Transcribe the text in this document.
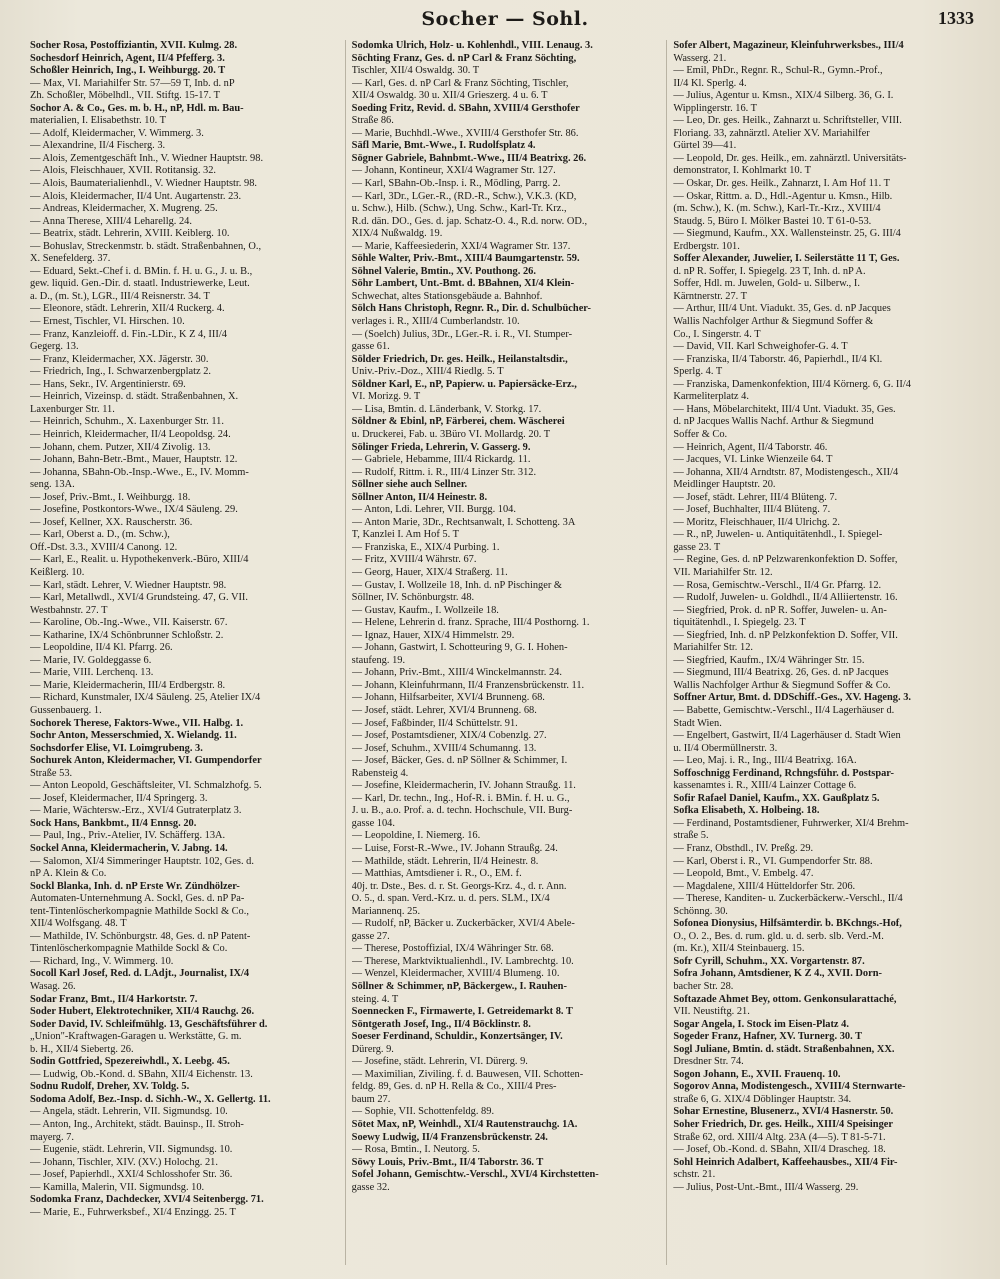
Socher — Sohl.	1333
Socher Rosa, Postoffiziantin, XVII. Kulmg. 28.
Sochesdorf Heinrich, Agent, II/4 Pfefferg. 3.
Schoßler Heinrich, Ing., I. Weihburgg. 20. T
— Max, VI. Mariahilfer Str. 57—59 T, Inb. d. nP
Zh. Schoßler, Möbelhdl., VII. Stiftg. 15-17. T
Sochor A. & Co., Ges. m. b. H., nP, Hdl. m. Bau-
materialien, I. Elisabethstr. 10. T
— Adolf, Kleidermacher, V. Wimmerg. 3.
— Alexandrine, II/4 Fischerg. 3.
— Alois, Zementgeschäft Inh., V. Wiedner Hauptstr. 98.
— Alois, Fleischhauer, XVII. Rotitansig. 32.
— Alois, Baumaterialienhdl., V. Wiedner Hauptstr. 98.
— Alois, Kleidermacher, II/4 Unt. Augartenstr. 23.
— Andreas, Kleidermacher, X. Mugreng. 25.
— Anna Therese, XIII/4 Leharellg. 24.
— Beatrix, städt. Lehrerin, XVIII. Keiblerg. 10.
— Bohuslav, Streckenmstr. b. städt. Straßenbahnen, O.,
X. Senefelderg. 37.
— Eduard, Sekt.-Chef i. d. BMin. f. H. u. G., J. u. B.,
gew. liquid. Gen.-Dir. d. staatl. Industriewerke, Leut.
a. D., (m. St.), LGR., III/4 Reisnerstr. 34. T
— Eleonore, städt. Lehrerin, XII/4 Ruckerg. 4.
— Ernest, Tischler, VI. Hirschen. 10.
— Franz, Kanzleioff. d. Fin.-LDir., K Z 4, III/4
Gegerg. 13.
— Franz, Kleidermacher, XX. Jägerstr. 30.
— Friedrich, Ing., I. Schwarzenbergplatz 2.
— Hans, Sekr., IV. Argentinierstr. 69.
— Heinrich, Vizeinsp. d. städt. Straßenbahnen, X.
Laxenburger Str. 11.
— Heinrich, Schuhm., X. Laxenburger Str. 11.
— Heinrich, Kleidermacher, II/4 Leopoldsg. 24.
— Johann, chem. Putzer, XII/4 Zivolig. 13.
— Johann, Bahn-Betr.-Bmt., Mauer, Hauptstr. 12.
— Johanna, SBahn-Ob.-Insp.-Wwe., E., IV. Momm-
seng. 13A.
— Josef, Priv.-Bmt., I. Weihburgg. 18.
— Josefine, Postkontors-Wwe., IX/4 Säuleng. 29.
— Josef, Kellner, XX. Rauscherstr. 36.
— Karl, Oberst a. D., (m. Schw.),
Off.-Dst. 3.3., XVIII/4 Canong. 12.
— Karl, E., Realit. u. Hypothekenverk.-Büro, XIII/4
Keißlerg. 10.
— Karl, städt. Lehrer, V. Wiedner Hauptstr. 98.
— Karl, Metallwdl., XVI/4 Grundsteing. 47, G. VII.
Westbahnstr. 27. T
— Karoline, Ob.-Ing.-Wwe., VII. Kaiserstr. 67.
— Katharine, IX/4 Schönbrunner Schloßstr. 2.
— Leopoldine, II/4 Kl. Pfarrg. 26.
— Marie, IV. Goldeggasse 6.
— Marie, VIII. Lerchenq. 13.
— Marie, Kleidermacherin, III/4 Erdbergstr. 8.
— Richard, Kunstmaler, IX/4 Säuleng. 25, Atelier IX/4
Gussenbauerg. 1.
Sochorek Therese, Faktors-Wwe., VII. Halbg. 1.
Sochr Anton, Messerschmied, X. Wielandg. 11.
Sochsdorfer Elise, VI. Loimgrubeng. 3.
Sochurek Anton, Kleidermacher, VI. Gumpendorfer
Straße 53.
— Anton Leopold, Geschäftsleiter, VI. Schmalzhofg. 5.
— Josef, Kleidermacher, II/4 Springerg. 3.
— Marie, Wächtersw.-Erz., XVI/4 Gutraterplatz 3.
Sock Hans, Bankbmt., II/4 Ennsg. 20.
— Paul, Ing., Priv.-Atelier, IV. Schäfferg. 13A.
Sockel Anna, Kleidermacherin, V. Jabng. 14.
— Salomon, XI/4 Simmeringer Hauptstr. 102, Ges. d.
nP A. Klein & Co.
Sockl Blanka, Inh. d. nP Erste Wr. Zündhölzer-
Automaten-Unternehmung A. Sockl, Ges. d. nP Pa-
tent-Tintenlöscherkompagnie Mathilde Sockl & Co.,
XII/4 Wolfsgang. 48. T
— Mathilde, IV. Schönburgstr. 48, Ges. d. nP Patent-
Tintenlöscherkompagnie Mathilde Sockl & Co.
— Richard, Ing., V. Wimmerg. 10.
Socoll Karl Josef, Red. d. LAdjt., Journalist, IX/4
Wasag. 26.
Sodar Franz, Bmt., II/4 Harkortstr. 7.
Soder Hubert, Elektrotechniker, XII/4 Rauchg. 26.
Soder David, IV. Schleifmühlg. 13, Geschäftsführer d.
„Union"-Kraftwagen-Garagen u. Werkstätte, G. m.
b. H., XII/4 Siebertg. 26.
Sodin Gottfried, Spezereiwhdl., X. Leebg. 45.
— Ludwig, Ob.-Kond. d. SBahn, XII/4 Eichenstr. 13.
Sodnu Rudolf, Dreher, XV. Toldg. 5.
Sodoma Adolf, Bez.-Insp. d. Sichh.-W., X. Gellertg. 11.
— Angela, städt. Lehrerin, VII. Sigmundsg. 10.
— Anton, Ing., Architekt, städt. Bauinsp., II. Stroh-
mayerg. 7.
— Eugenie, städt. Lehrerin, VII. Sigmundsg. 10.
— Johann, Tischler, XIV. (XV.) Holochg. 21.
— Josef, Papierhdl., XXI/4 Schlosshofer Str. 36.
— Kamilla, Malerin, VII. Sigmundsg. 10.
Sodomka Franz, Dachdecker, XVI/4 Seitenbergg. 71.
— Marie, E., Fuhrwerksbef., XI/4 Enzingg. 25. T
Sodomka Ulrich, Holz- u. Kohlenhdl., VIII. Lenaug. 3.
Söchting Franz, Ges. d. nP Carl & Franz Söchting,
Tischler, XII/4 Oswaldg. 30. T
— Karl, Ges. d. nP Carl & Franz Söchting, Tischler,
XII/4 Oswaldg. 30 u. XII/4 Grieszerg. 4 u. 6. T
Soeding Fritz, Revid. d. SBahn, XVIII/4 Gersthofer
Straße 86.
— Marie, Buchhdl.-Wwe., XVIII/4 Gersthofer Str. 86.
Säfl Marie, Bmt.-Wwe., I. Rudolfsplatz 4.
Sögner Gabriele, Bahnbmt.-Wwe., III/4 Beatrixg. 26.
— Johann, Kontineur, XXI/4 Wagramer Str. 127.
— Karl, SBahn-Ob.-Insp. i. R., Mödling, Parrg. 2.
— Karl, 3Dr., LGer.-R., (RD.-R., Schw.), V.K.3. (KD,
u. Schw.), Hilb. (Schw.), Ung. Schw., Karl-Tr. Krz.,
R.d. dän. DO., Ges. d. jap. Schatz-O. 4., R.d. norw. OD.,
XIX/4 Nußwaldg. 19.
— Marie, Kaffeesiederin, XXI/4 Wagramer Str. 137.
Söhle Walter, Priv.-Bmt., XIII/4 Baumgartenstr. 59.
Söhnel Valerie, Bmtin., XV. Pouthong. 26.
Söhr Lambert, Unt.-Bmt. d. BBahnen, XI/4 Klein-
Schwechat, altes Stationsgebäude a. Bahnhof.
Sölch Hans Christoph, Regnr. R., Dir. d. Schulbücher-
verlages i. R., XIII/4 Cumberlandstr. 10.
— (Soelch) Julius, 3Dr., LGer.-R. i. R., VI. Stumper-
gasse 61.
Sölder Friedrich, Dr. ges. Heilk., Heilanstaltsdir.,
Univ.-Priv.-Doz., XIII/4 Riedlg. 5. T
Söldner Karl, E., nP, Papierw. u. Papiersäcke-Erz.,
VI. Morizg. 9. T
— Lisa, Bmtin. d. Länderbank, V. Storkg. 17.
Söldner & Ebinl, nP, Färberei, chem. Wäscherei
u. Druckerei, Fab. u. 3Büro VI. Mollardg. 20. T
Sölinger Frieda, Lehrerin, V. Gasserg. 9.
— Gabriele, Hebamme, III/4 Rickardg. 11.
— Rudolf, Rittm. i. R., III/4 Linzer Str. 312.
Söllner siehe auch Sellner.
Söllner Anton, II/4 Heinestr. 8.
— Anton, Ldi. Lehrer, VII. Burgg. 104.
— Anton Marie, 3Dr., Rechtsanwalt, I. Schotteng. 3A
T, Kanzlei I. Am Hof 5. T
— Franziska, E., XIX/4 Purbing. 1.
— Fritz, XVIII/4 Währstr. 67.
— Georg, Hauer, XIX/4 Straßerg. 11.
— Gustav, I. Wollzeile 18, Inh. d. nP Pischinger &
Söllner, IV. Schönburgstr. 48.
— Gustav, Kaufm., I. Wollzeile 18.
— Helene, Lehrerin d. franz. Sprache, III/4 Posthorng. 1.
— Ignaz, Hauer, XIX/4 Himmelstr. 29.
— Johann, Gastwirt, I. Schotteuring 9, G. I. Hohen-
staufeng. 19.
— Johann, Priv.-Bmt., XIII/4 Winckelmannstr. 24.
— Johann, Kleinfuhrmann, II/4 Franzensbrückenstr. 11.
— Johann, Hilfsarbeiter, XVI/4 Brunneng. 68.
— Josef, städt. Lehrer, XVI/4 Brunneng. 68.
— Josef, Faßbinder, II/4 Schüttelstr. 91.
— Josef, Postamtsdiener, XIX/4 Cobenzlg. 27.
— Josef, Schuhm., XVIII/4 Schumanng. 13.
— Josef, Bäcker, Ges. d. nP Söllner & Schimmer, I.
Rabensteig 4.
— Josefine, Kleidermacherin, IV. Johann Straußg. 11.
— Karl, Dr. techn., Ing., Hof-R. i. BMin. f. H. u. G.,
J. u. B., a.o. Prof. a. d. techn. Hochschule, VII. Burg-
gasse 104.
— Leopoldine, I. Niemerg. 16.
— Luise, Forst-R.-Wwe., IV. Johann Straußg. 24.
— Mathilde, städt. Lehrerin, II/4 Heinestr. 8.
— Matthias, Amtsdiener i. R., O., EM. f.
40j. tr. Dste., Bes. d. r. St. Georgs-Krz. 4., d. r. Ann.
O. 5., d. span. Verd.-Krz. u. d. pers. SLM., IX/4
Mariannenq. 25.
— Rudolf, nP, Bäcker u. Zuckerbäcker, XVI/4 Abele-
gasse 27.
— Therese, Postoffizial, IX/4 Währinger Str. 68.
— Therese, Marktviktualienhdl., IV. Lambrechtg. 10.
— Wenzel, Kleidermacher, XVIII/4 Blumeng. 10.
Söllner & Schimmer, nP, Bäckergew., I. Rauhen-
steing. 4. T
Soennecken F., Firmawerte, I. Getreidemarkt 8. T
Söntgerath Josef, Ing., II/4 Böcklinstr. 8.
Soeser Ferdinand, Schuldir., Konzertsänger, IV.
Dürerg. 9.
— Josefine, städt. Lehrerin, VI. Dürerg. 9.
— Maximilian, Ziviling. f. d. Bauwesen, VII. Schotten-
feldg. 89, Ges. d. nP H. Rella & Co., XIII/4 Pres-
baum 27.
— Sophie, VII. Schottenfeldg. 89.
Sötet Max, nP, Weinhdl., XI/4 Rautenstrauchg. 1A.
Soewy Ludwig, II/4 Franzensbrückenstr. 24.
— Rosa, Bmtin., I. Neutorg. 5.
Söwy Louis, Priv.-Bmt., II/4 Taborstr. 36. T
Sofel Johann, Gemischtw.-Verschl., XVI/4 Kirchstetten-
gasse 32.
Sofer Albert, Magazineur, Kleinfuhrwerksbes., III/4
Wasserg. 21.
— Emil, PhDr., Regnr. R., Schul-R., Gymn.-Prof.,
II/4 Kl. Sperlg. 4.
— Julius, Agentur u. Kmsn., XIX/4 Silberg. 36, G. I.
Wipplingerstr. 16. T
— Leo, Dr. ges. Heilk., Zahnarzt u. Schriftsteller, VIII.
Floriang. 33, zahnärztl. Atelier XV. Mariahilfer
Gürtel 39—41.
— Leopold, Dr. ges. Heilk., em. zahnärztl. Universitäts-
demonstrator, I. Kohlmarkt 10. T
— Oskar, Dr. ges. Heilk., Zahnarzt, I. Am Hof 11. T
— Oskar, Rittm. a. D., Hdl.-Agentur u. Kmsn., Hilb.
(m. Schw.), K. (m. Schw.), Karl-Tr.-Krz., XVIII/4
Staudg. 5, Büro I. Mölker Bastei 10. T 61-0-53.
— Siegmund, Kaufm., XX. Wallensteinstr. 25, G. III/4
Erdbergstr. 101.
Soffer Alexander, Juwelier, I. Seilerstätte 11 T, Ges.
d. nP R. Soffer, I. Spiegelg. 23 T, Inh. d. nP A.
Soffer, Hdl. m. Juwelen, Gold- u. Silberw., I.
Kärntnerstr. 27. T
— Arthur, III/4 Unt. Viadukt. 35, Ges. d. nP Jacques
Wallis Nachfolger Arthur & Siegmund Soffer &
Co., I. Singerstr. 4. T
— David, VII. Karl Schweighofer-G. 4. T
— Franziska, II/4 Taborstr. 46, Papierhdl., II/4 Kl.
Sperlg. 4. T
— Franziska, Damenkonfektion, III/4 Körnerg. 6, G. II/4
Karmeliterplatz 4.
— Hans, Möbelarchitekt, III/4 Unt. Viadukt. 35, Ges.
d. nP Jacques Wallis Nachf. Arthur & Siegmund
Soffer & Co.
— Heinrich, Agent, II/4 Taborstr. 46.
— Jacques, VI. Linke Wienzeile 64. T
— Johanna, XII/4 Arndtstr. 87, Modistengesch., XII/4
Meidlinger Hauptstr. 20.
— Josef, städt. Lehrer, III/4 Blüteng. 7.
— Josef, Buchhalter, III/4 Blüteng. 7.
— Moritz, Fleischhauer, II/4 Ulrichg. 2.
— R., nP, Juwelen- u. Antiquitätenhdl., I. Spiegel-
gasse 23. T
— Regine, Ges. d. nP Pelzwarenkonfektion D. Soffer,
VII. Mariahilfer Str. 12.
— Rosa, Gemischtw.-Verschl., II/4 Gr. Pfarrg. 12.
— Rudolf, Juwelen- u. Goldhdl., II/4 Alliiertenstr. 16.
— Siegfried, Prok. d. nP R. Soffer, Juwelen- u. An-
tiquitätenhdl., I. Spiegelg. 23. T
— Siegfried, Inh. d. nP Pelzkonfektion D. Soffer, VII.
Mariahilfer Str. 12.
— Siegfried, Kaufm., IX/4 Währinger Str. 15.
— Siegmund, III/4 Beatrixg. 26, Ges. d. nP Jacques
Wallis Nachfolger Arthur & Siegmund Soffer & Co.
Soffner Artur, Bmt. d. DDSchiff.-Ges., XV. Hageng. 3.
— Babette, Gemischtw.-Verschl., II/4 Lagerhäuser d.
Stadt Wien.
— Engelbert, Gastwirt, II/4 Lagerhäuser d. Stadt Wien
u. II/4 Obermüllnerstr. 3.
— Leo, Maj. i. R., Ing., III/4 Beatrixg. 16A.
Soffoschnigg Ferdinand, Rchngsführ. d. Postspar-
kassenamtes i. R., XIII/4 Lainzer Cottage 6.
Sofir Rafael Daniel, Kaufm., XX. Gaußplatz 5.
Sofka Elisabeth, X. Holbeing. 18.
— Ferdinand, Postamtsdiener, Fuhrwerker, XI/4 Brehm-
straße 5.
— Franz, Obsthdl., IV. Preßg. 29.
— Karl, Oberst i. R., VI. Gumpendorfer Str. 88.
— Leopold, Bmt., V. Embelg. 47.
— Magdalene, XIII/4 Hütteldorfer Str. 206.
— Therese, Kanditen- u. Zuckerbäckerw.-Verschl., II/4
Schönng. 30.
Sofonea Dionysius, Hilfsämterdir. b. BKchngs.-Hof,
O., O. 2., Bes. d. rum. gld. u. d. serb. slb. Verd.-M.
(m. Kr.), XII/4 Steinbauerg. 15.
Sofr Cyrill, Schuhm., XX. Vorgartenstr. 87.
Sofra Johann, Amtsdiener, K Z 4., XVII. Dorn-
bacher Str. 28.
Softazade Ahmet Bey, ottom. Genkonsularattaché,
VII. Neustiftg. 21.
Sogar Angela, I. Stock im Eisen-Platz 4.
Sogeder Franz, Hafner, XV. Turnerg. 30. T
Sogl Juliane, Bmtin. d. städt. Straßenbahnen, XX.
Dresdner Str. 74.
Sogon Johann, E., XVII. Frauenq. 10.
Sogorov Anna, Modistengesch., XVIII/4 Sternwarte-
straße 6, G. XIX/4 Döblinger Hauptstr. 34.
Sohar Ernestine, Blusenerz., XVI/4 Hasnerstr. 50.
Soher Friedrich, Dr. ges. Heilk., XIII/4 Speisinger
Straße 62, ord. XIII/4 Altg. 23A (4—5). T 81-5-71.
— Josef, Ob.-Kond. d. SBahn, XII/4 Drascheg. 18.
Sohl Heinrich Adalbert, Kaffeehausbes., XII/4 Fir-
schstr. 21.
— Julius, Post-Unt.-Bmt., III/4 Wasserg. 29.
